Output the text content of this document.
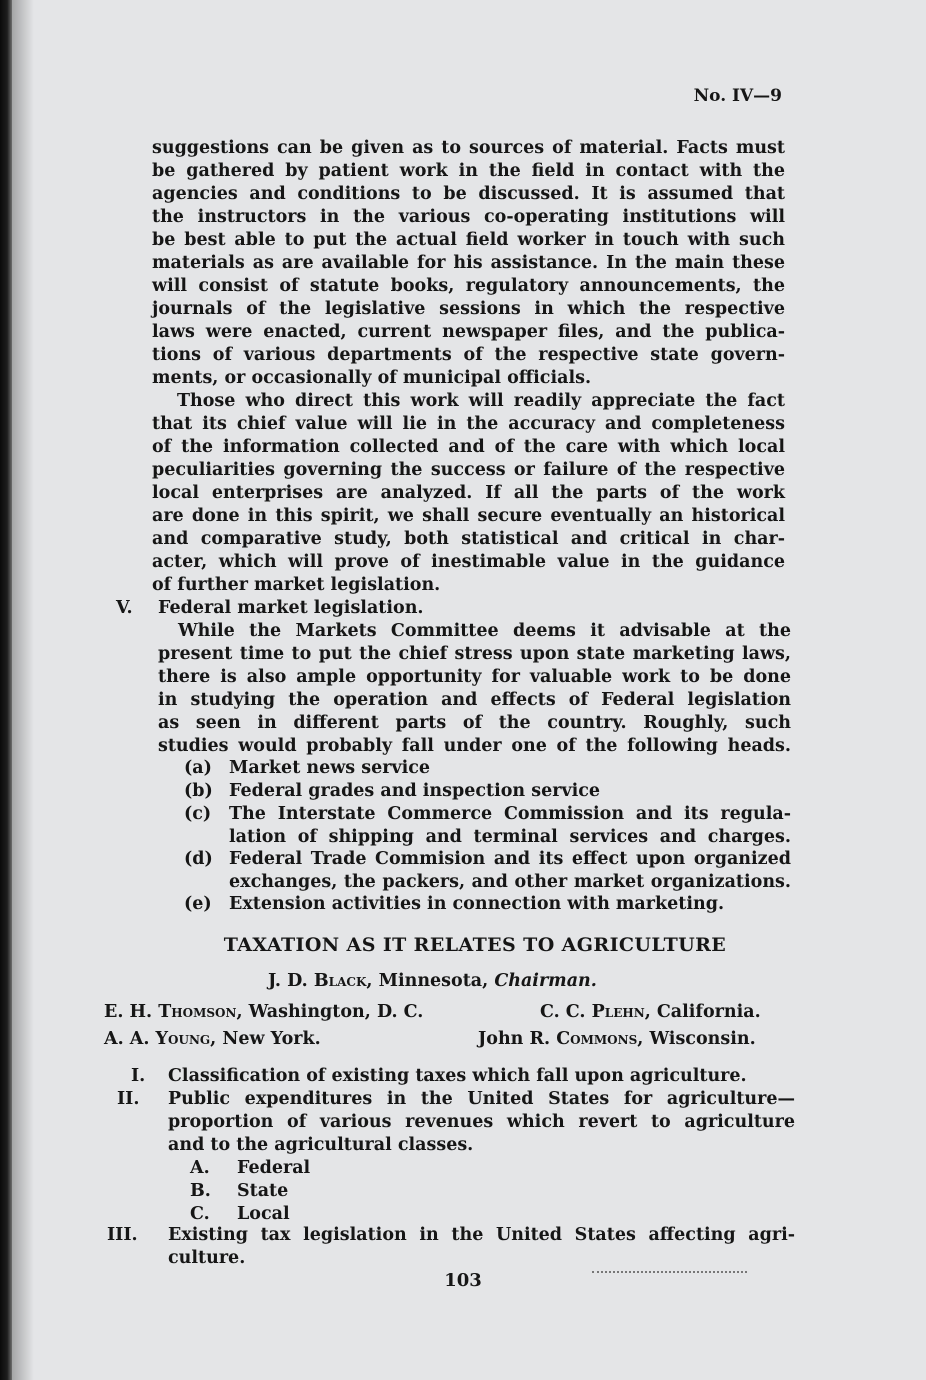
No. IV—9
suggestions can be given as to sources of material. Facts must
be gathered by patient work in the field in contact with the
agencies and conditions to be discussed. It is assumed that
the instructors in the various co-operating institutions will
be best able to put the actual field worker in touch with such
materials as are available for his assistance. In the main these
will consist of statute books, regulatory announcements, the
journals of the legislative sessions in which the respective
laws were enacted, current newspaper files, and the publica-
tions of various departments of the respective state govern-
ments, or occasionally of municipal officials.
Those who direct this work will readily appreciate the fact
that its chief value will lie in the accuracy and completeness
of the information collected and of the care with which local
peculiarities governing the success or failure of the respective
local enterprises are analyzed. If all the parts of the work
are done in this spirit, we shall secure eventually an historical
and comparative study, both statistical and critical in char-
acter, which will prove of inestimable value in the guidance
of further market legislation.
V. Federal market legislation.
While the Markets Committee deems it advisable at the
present time to put the chief stress upon state marketing laws,
there is also ample opportunity for valuable work to be done
in studying the operation and effects of Federal legislation
as seen in different parts of the country. Roughly, such
studies would probably fall under one of the following heads.
(a) Market news service
(b) Federal grades and inspection service
(c) The Interstate Commerce Commission and its regula-
lation of shipping and terminal services and charges.
(d) Federal Trade Commision and its effect upon organized
exchanges, the packers, and other market organizations.
(e) Extension activities in connection with marketing.
TAXATION AS IT RELATES TO AGRICULTURE
J. D. Black, Minnesota, Chairman.
E. H. Thomson, Washington, D. C.	C. C. Plehn, California.
A. A. Young, New York.	John R. Commons, Wisconsin.
I. Classification of existing taxes which fall upon agriculture.
II. Public expenditures in the United States for agriculture—
proportion of various revenues which revert to agriculture
and to the agricultural classes.
A. Federal
B. State
C. Local
III. Existing tax legislation in the United States affecting agri-
culture.
103
